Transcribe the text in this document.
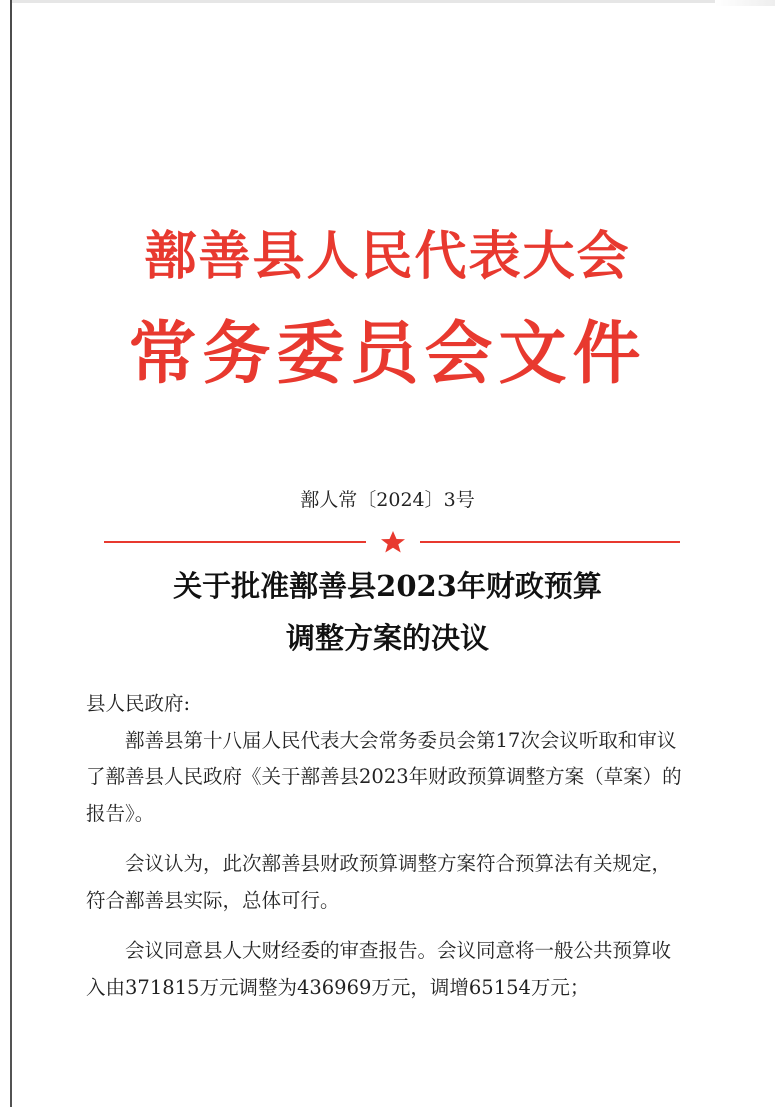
鄯善县人民代表大会
常务委员会文件
鄯人常〔2024〕3号
关于批准鄯善县2023年财政预算
调整方案的决议

县人民政府:

鄯善县第十八届人民代表大会常务委员会第17次会议听取和审议了鄯善县人民政府《关于鄯善县2023年财政预算调整方案（草案）的报告》。

会议认为，此次鄯善县财政预算调整方案符合预算法有关规定，符合鄯善县实际，总体可行。

会议同意县人大财经委的审查报告。会议同意将一般公共预算收入由371815万元调整为436969万元，调增65154万元；
